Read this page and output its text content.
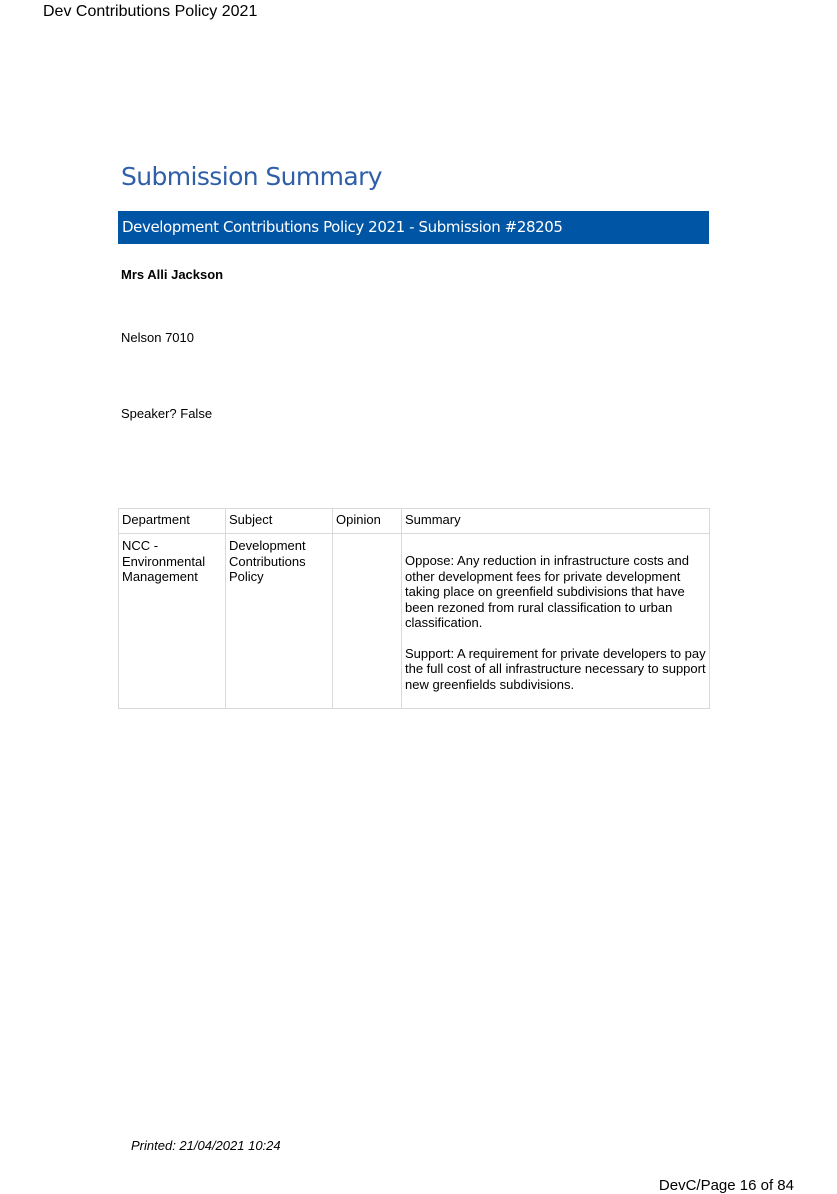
Dev Contributions Policy 2021
Submission Summary
Development Contributions Policy 2021 - Submission #28205
Mrs Alli Jackson
Nelson 7010
Speaker? False
Department	Subject	Opinion	Summary
NCC - Environmental Management	Development Contributions Policy		Oppose: Any reduction in infrastructure costs and other development fees for private development taking place on greenfield subdivisions that have been rezoned from rural classification to urban classification.

Support: A requirement for private developers to pay the full cost of all infrastructure necessary to support new greenfields subdivisions.

Printed: 21/04/2021 10:24
DevC/Page 16 of 84
